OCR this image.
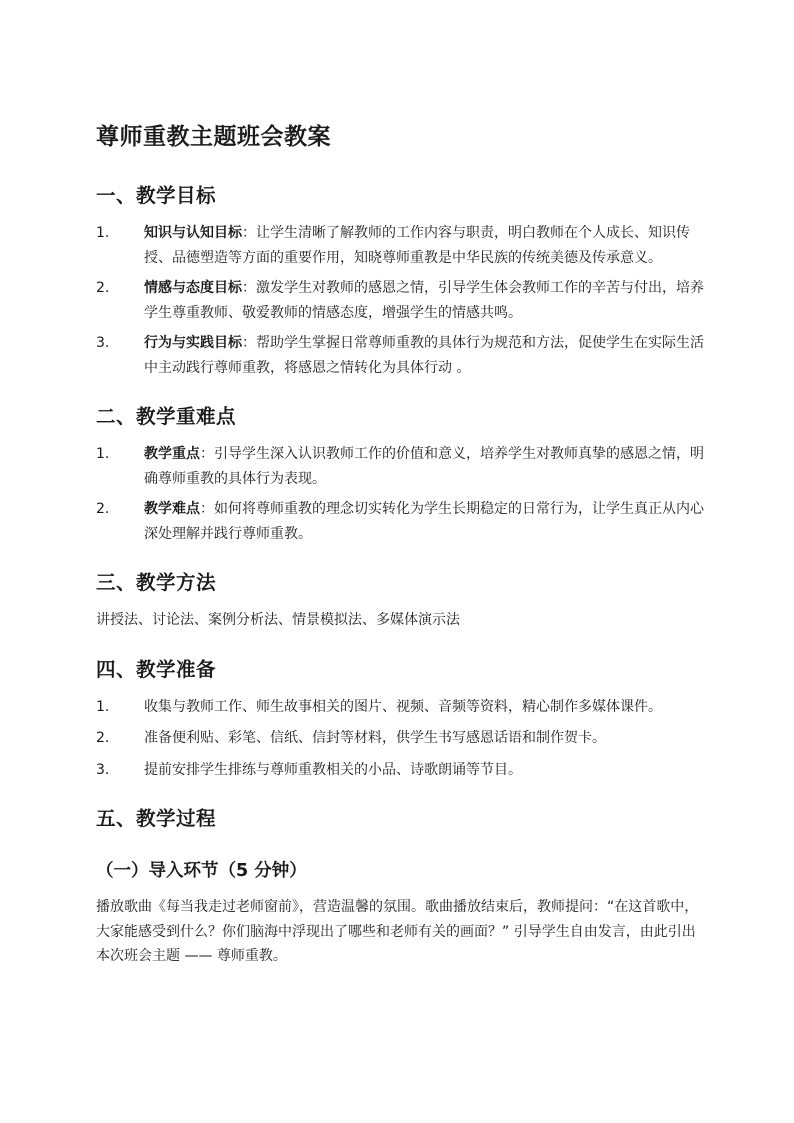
尊师重教主题班会教案
一、教学目标
1. 知识与认知目标：让学生清晰了解教师的工作内容与职责，明白教师在个人成长、知识传授、品德塑造等方面的重要作用，知晓尊师重教是中华民族的传统美德及传承意义。
2. 情感与态度目标：激发学生对教师的感恩之情，引导学生体会教师工作的辛苦与付出，培养学生尊重教师、敬爱教师的情感态度，增强学生的情感共鸣。
3. 行为与实践目标：帮助学生掌握日常尊师重教的具体行为规范和方法，促使学生在实际生活中主动践行尊师重教，将感恩之情转化为具体行动 。
二、教学重难点
1. 教学重点：引导学生深入认识教师工作的价值和意义，培养学生对教师真挚的感恩之情，明确尊师重教的具体行为表现。
2. 教学难点：如何将尊师重教的理念切实转化为学生长期稳定的日常行为，让学生真正从内心深处理解并践行尊师重教。
三、教学方法

讲授法、讨论法、案例分析法、情景模拟法、多媒体演示法

四、教学准备
1. 收集与教师工作、师生故事相关的图片、视频、音频等资料，精心制作多媒体课件。
2. 准备便利贴、彩笔、信纸、信封等材料，供学生书写感恩话语和制作贺卡。
3. 提前安排学生排练与尊师重教相关的小品、诗歌朗诵等节目。
五、教学过程
（一）导入环节（5 分钟）

播放歌曲《每当我走过老师窗前》，营造温馨的氛围。歌曲播放结束后，教师提问：“在这首歌中，大家能感受到什么？你们脑海中浮现出了哪些和老师有关的画面？” 引导学生自由发言，由此引出本次班会主题 —— 尊师重教。
